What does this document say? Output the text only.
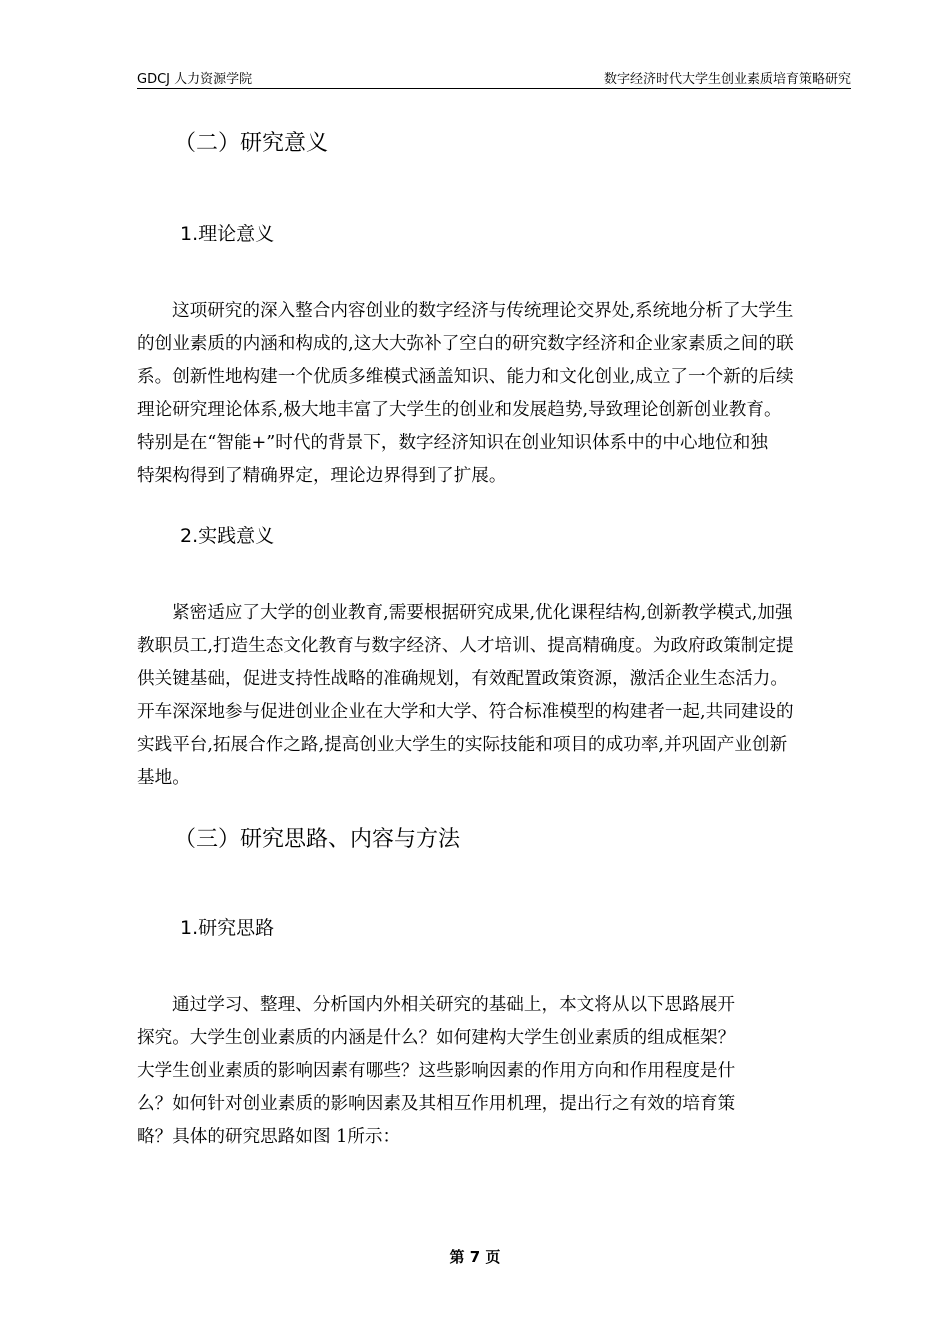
GDCJ 人力资源学院	数字经济时代大学生创业素质培育策略研究
（二）研究意义
1.理论意义
这项研究的深入整合内容创业的数字经济与传统理论交界处,系统地分析了大学生
的创业素质的内涵和构成的,这大大弥补了空白的研究数字经济和企业家素质之间的联
系。创新性地构建一个优质多维模式涵盖知识、能力和文化创业,成立了一个新的后续
理论研究理论体系,极大地丰富了大学生的创业和发展趋势,导致理论创新创业教育。
特别是在“智能+”时代的背景下，数字经济知识在创业知识体系中的中心地位和独
特架构得到了精确界定，理论边界得到了扩展。
2.实践意义
紧密适应了大学的创业教育,需要根据研究成果,优化课程结构,创新教学模式,加强
教职员工,打造生态文化教育与数字经济、人才培训、提高精确度。为政府政策制定提
供关键基础，促进支持性战略的准确规划，有效配置政策资源，激活企业生态活力。
开车深深地参与促进创业企业在大学和大学、符合标准模型的构建者一起,共同建设的
实践平台,拓展合作之路,提高创业大学生的实际技能和项目的成功率,并巩固产业创新
基地。
（三）研究思路、内容与方法
1.研究思路
通过学习、整理、分析国内外相关研究的基础上，本文将从以下思路展开
探究。大学生创业素质的内涵是什么？如何建构大学生创业素质的组成框架？
大学生创业素质的影响因素有哪些？这些影响因素的作用方向和作用程度是什
么？如何针对创业素质的影响因素及其相互作用机理，提出行之有效的培育策
略？具体的研究思路如图 1所示：
第 7 页
